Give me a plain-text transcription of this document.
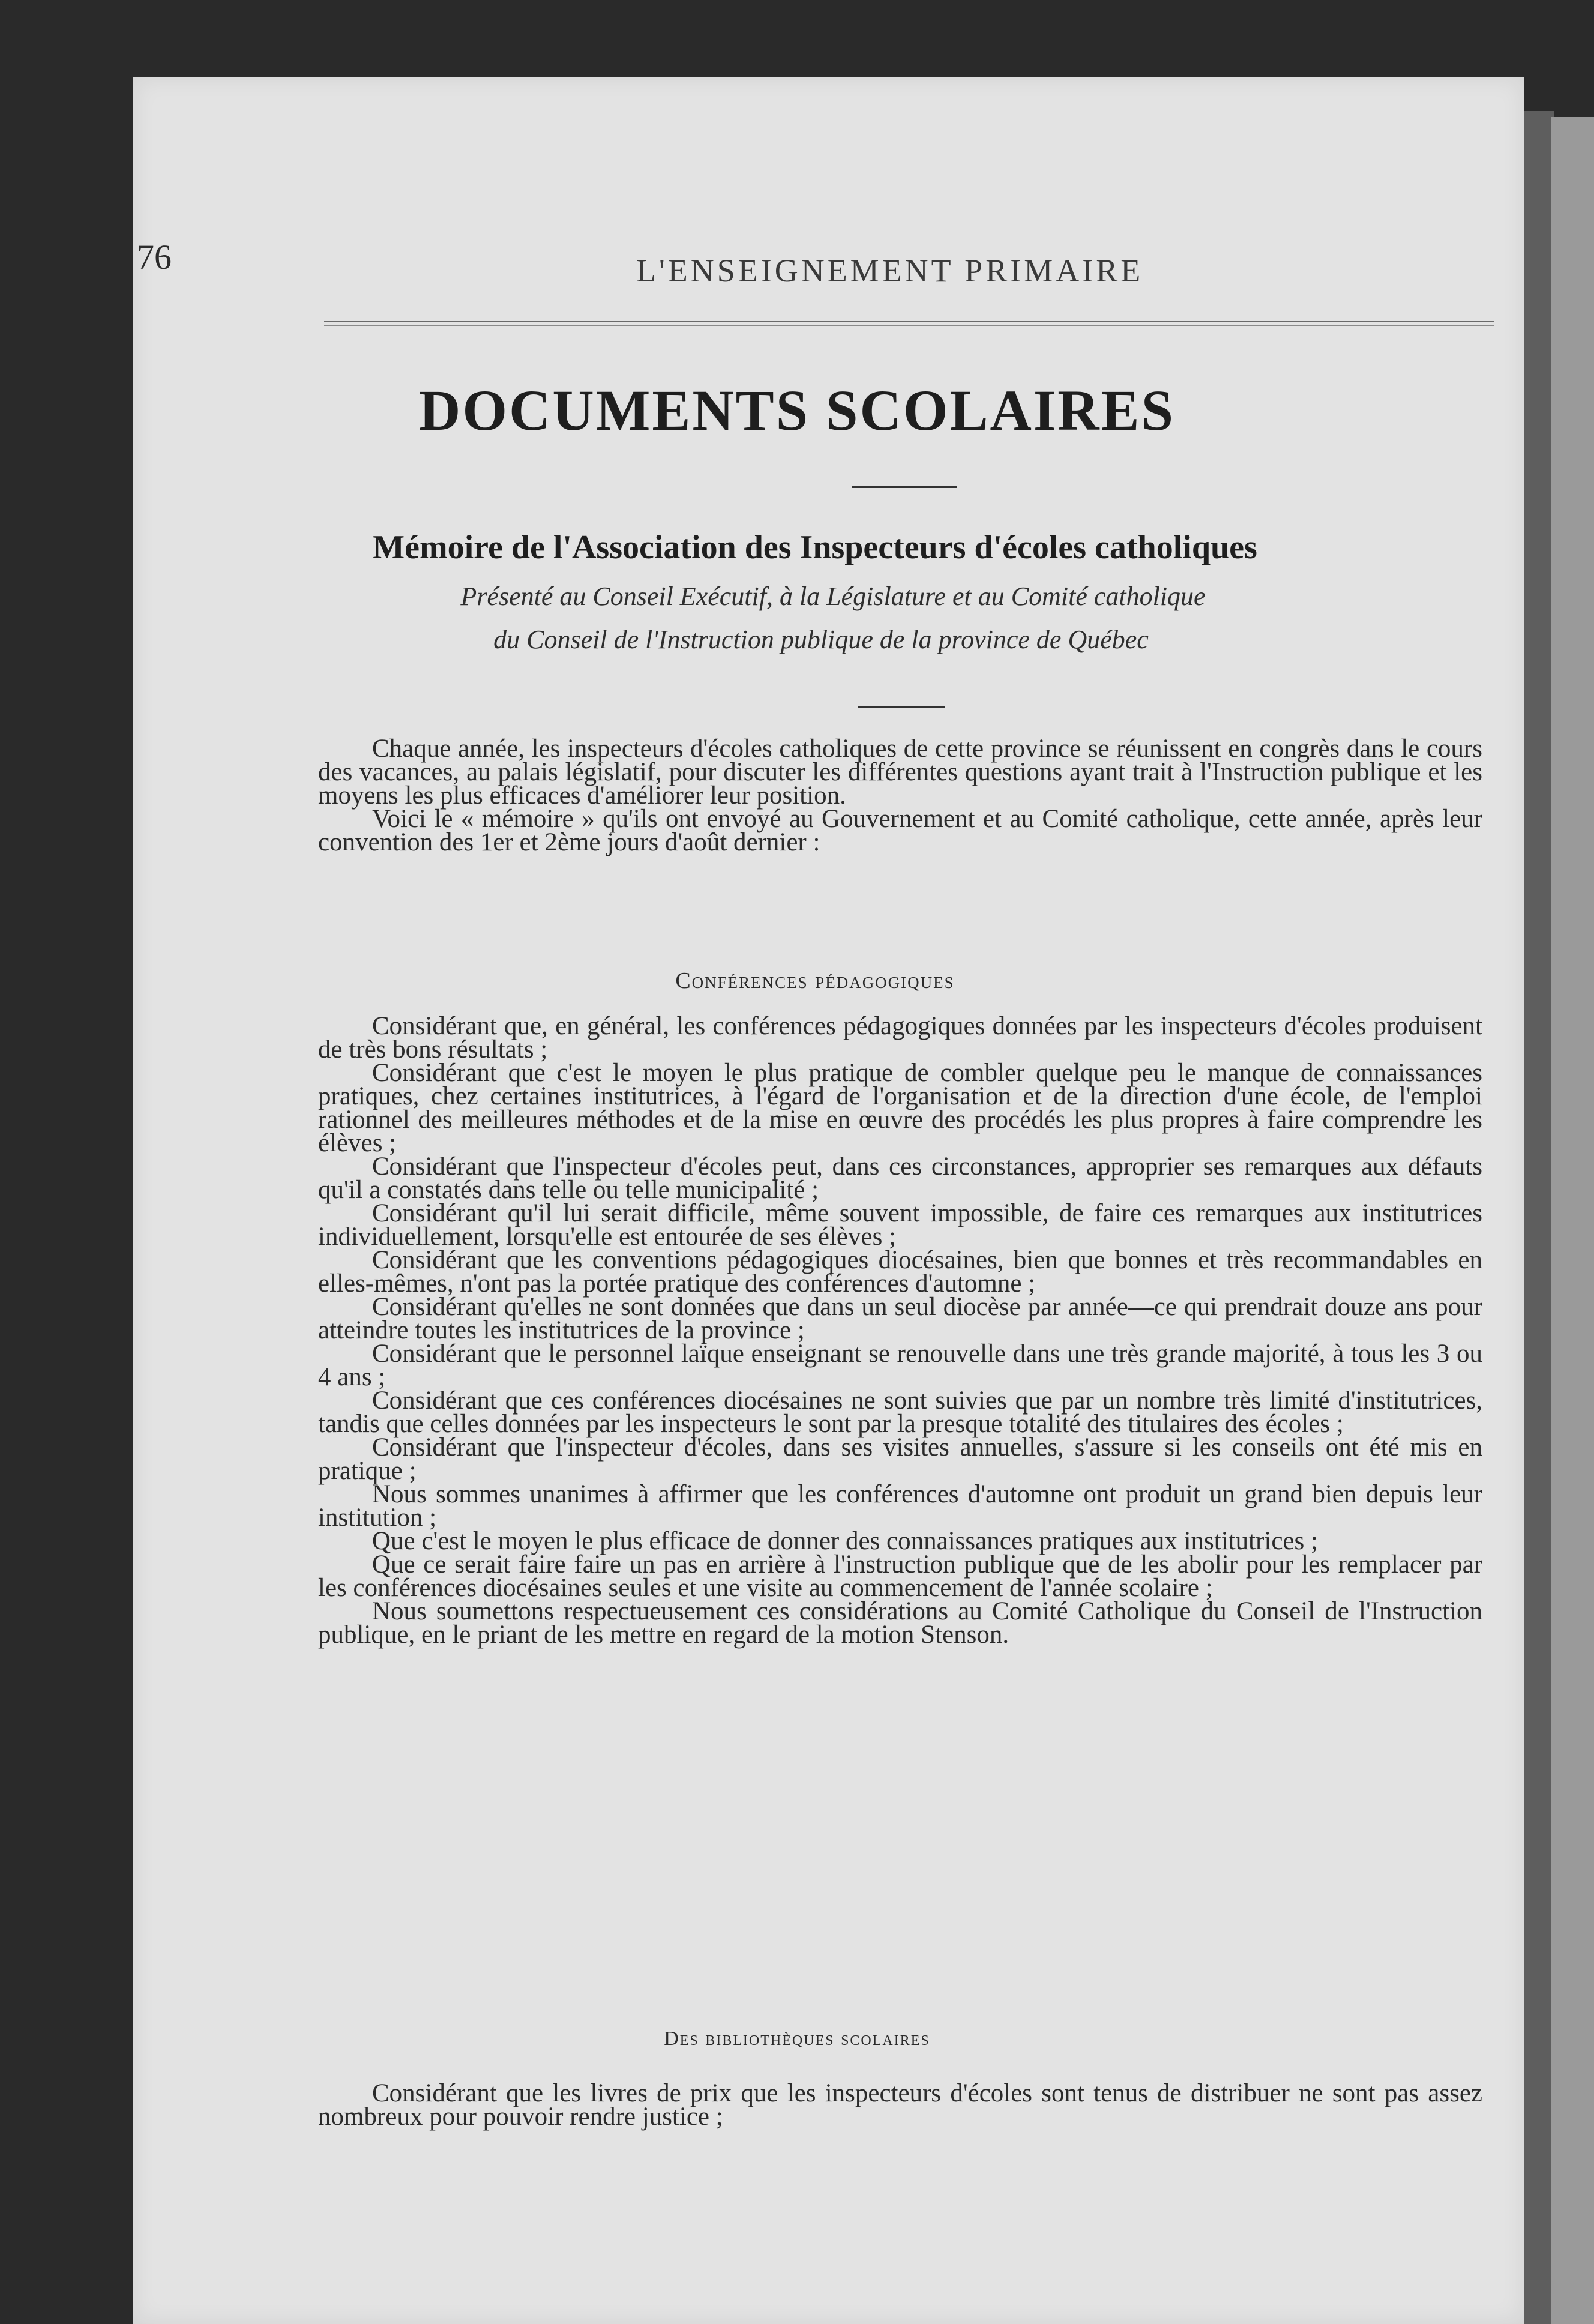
76	L'ENSEIGNEMENT PRIMAIRE
DOCUMENTS SCOLAIRES
Mémoire de l'Association des Inspecteurs d'écoles catholiques
Présenté au Conseil Exécutif, à la Législature et au Comité catholique
du Conseil de l'Instruction publique de la province de Québec

Chaque année, les inspecteurs d'écoles catholiques de cette province se réunissent en congrès dans le cours des vacances, au palais législatif, pour discuter les différentes questions ayant trait à l'Instruction publique et les moyens les plus efficaces d'améliorer leur position.

Voici le « mémoire » qu'ils ont envoyé au Gouvernement et au Comité catholique, cette année, après leur convention des 1er et 2ème jours d'août dernier :

Conférences pédagogiques

Considérant que, en général, les conférences pédagogiques données par les inspecteurs d'écoles produisent de très bons résultats ;

Considérant que c'est le moyen le plus pratique de combler quelque peu le manque de connaissances pratiques, chez certaines institutrices, à l'égard de l'organisation et de la direction d'une école, de l'emploi rationnel des meilleures méthodes et de la mise en œuvre des procédés les plus propres à faire comprendre les élèves ;

Considérant que l'inspecteur d'écoles peut, dans ces circonstances, approprier ses remarques aux défauts qu'il a constatés dans telle ou telle municipalité ;

Considérant qu'il lui serait difficile, même souvent impossible, de faire ces remarques aux institutrices individuellement, lorsqu'elle est entourée de ses élèves ;

Considérant que les conventions pédagogiques diocésaines, bien que bonnes et très recommandables en elles-mêmes, n'ont pas la portée pratique des conférences d'automne ;

Considérant qu'elles ne sont données que dans un seul diocèse par année—ce qui prendrait douze ans pour atteindre toutes les institutrices de la province ;

Considérant que le personnel laïque enseignant se renouvelle dans une très grande majorité, à tous les 3 ou 4 ans ;

Considérant que ces conférences diocésaines ne sont suivies que par un nombre très limité d'institutrices, tandis que celles données par les inspecteurs le sont par la presque totalité des titulaires des écoles ;

Considérant que l'inspecteur d'écoles, dans ses visites annuelles, s'assure si les conseils ont été mis en pratique ;

Nous sommes unanimes à affirmer que les conférences d'automne ont produit un grand bien depuis leur institution ;

Que c'est le moyen le plus efficace de donner des connaissances pratiques aux institutrices ;

Que ce serait faire faire un pas en arrière à l'instruction publique que de les abolir pour les remplacer par les conférences diocésaines seules et une visite au commencement de l'année scolaire ;

Nous soumettons respectueusement ces considérations au Comité Catholique du Conseil de l'Instruction publique, en le priant de les mettre en regard de la motion Stenson.

Des bibliothèques scolaires

Considérant que les livres de prix que les inspecteurs d'écoles sont tenus de distribuer ne sont pas assez nombreux pour pouvoir rendre justice ;
